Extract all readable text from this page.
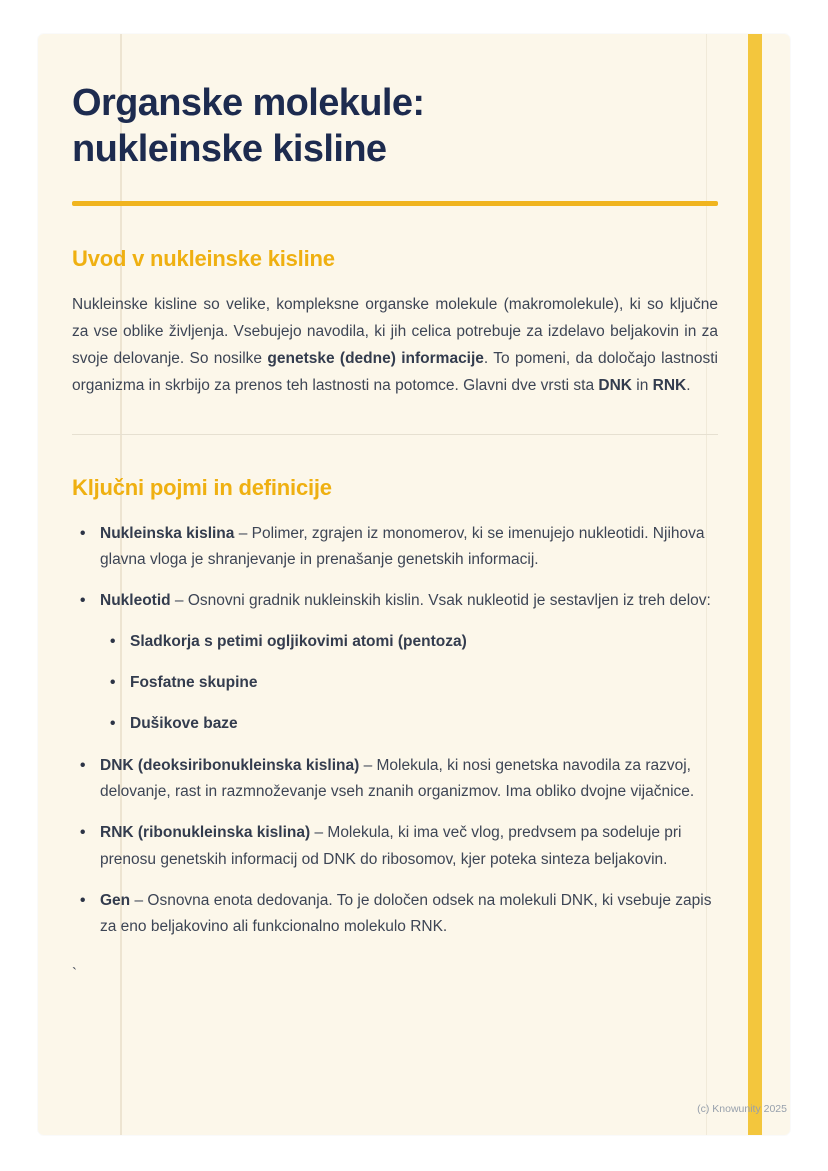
Organske molekule:
nukleinske kisline
Uvod v nukleinske kisline

Nukleinske kisline so velike, kompleksne organske molekule (makromolekule), ki so ključne za vse oblike življenja. Vsebujejo navodila, ki jih celica potrebuje za izdelavo beljakovin in za svoje delovanje. So nosilke genetske (dedne) informacije. To pomeni, da določajo lastnosti organizma in skrbijo za prenos teh lastnosti na potomce. Glavni dve vrsti sta DNK in RNK.

Ključni pojmi in definicije
• Nukleinska kislina – Polimer, zgrajen iz monomerov, ki se imenujejo nukleotidi. Njihova glavna vloga je shranjevanje in prenašanje genetskih informacij.
• Nukleotid – Osnovni gradnik nukleinskih kislin. Vsak nukleotid je sestavljen iz treh delov:
• Sladkorja s petimi ogljikovimi atomi (pentoza)
• Fosfatne skupine
• Dušikove baze
• DNK (deoksiribonukleinska kislina) – Molekula, ki nosi genetska navodila za razvoj, delovanje, rast in razmnoževanje vseh znanih organizmov. Ima obliko dvojne vijačnice.
• RNK (ribonukleinska kislina) – Molekula, ki ima več vlog, predvsem pa sodeluje pri prenosu genetskih informacij od DNK do ribosomov, kjer poteka sinteza beljakovin.
• Gen – Osnovna enota dedovanja. To je določen odsek na molekuli DNK, ki vsebuje zapis za eno beljakovino ali funkcionalno molekulo RNK.
`
(c) Knowunity 2025
